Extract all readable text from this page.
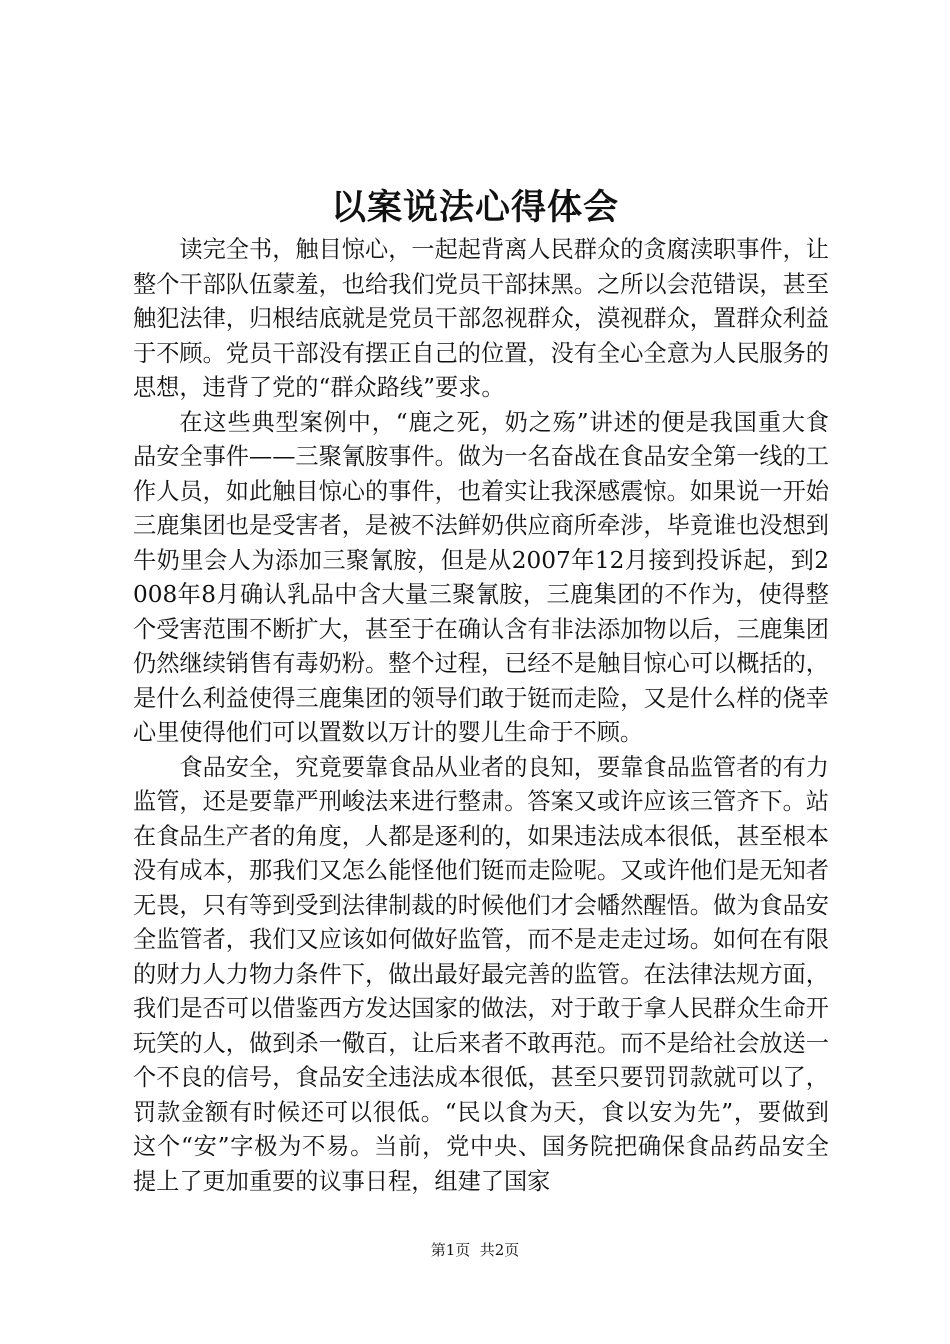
以案说法心得体会

读完全书，触目惊心，一起起背离人民群众的贪腐渎职事件，让整个干部队伍蒙羞，也给我们党员干部抹黑。之所以会范错误，甚至触犯法律，归根结底就是党员干部忽视群众，漠视群众，置群众利益于不顾。党员干部没有摆正自己的位置，没有全心全意为人民服务的思想，违背了党的“群众路线”要求。

在这些典型案例中，“鹿之死，奶之殇”讲述的便是我国重大食品安全事件——三聚氰胺事件。做为一名奋战在食品安全第一线的工作人员，如此触目惊心的事件，也着实让我深感震惊。如果说一开始三鹿集团也是受害者，是被不法鲜奶供应商所牵涉，毕竟谁也没想到牛奶里会人为添加三聚氰胺，但是从2007年12月接到投诉起，到2008年8月确认乳品中含大量三聚氰胺，三鹿集团的不作为，使得整个受害范围不断扩大，甚至于在确认含有非法添加物以后，三鹿集团仍然继续销售有毒奶粉。整个过程，已经不是触目惊心可以概括的，是什么利益使得三鹿集团的领导们敢于铤而走险，又是什么样的侥幸心里使得他们可以置数以万计的婴儿生命于不顾。

食品安全，究竟要靠食品从业者的良知，要靠食品监管者的有力监管，还是要靠严刑峻法来进行整肃。答案又或许应该三管齐下。站在食品生产者的角度，人都是逐利的，如果违法成本很低，甚至根本没有成本，那我们又怎么能怪他们铤而走险呢。又或许他们是无知者无畏，只有等到受到法律制裁的时候他们才会幡然醒悟。做为食品安全监管者，我们又应该如何做好监管，而不是走走过场。如何在有限的财力人力物力条件下，做出最好最完善的监管。在法律法规方面，我们是否可以借鉴西方发达国家的做法，对于敢于拿人民群众生命开玩笑的人，做到杀一儆百，让后来者不敢再范。而不是给社会放送一个不良的信号，食品安全违法成本很低，甚至只要罚罚款就可以了，罚款金额有时候还可以很低。“民以食为天，食以安为先”，要做到这个“安”字极为不易。当前，党中央、国务院把确保食品药品安全提上了更加重要的议事日程，组建了国家

第1页  共2页
